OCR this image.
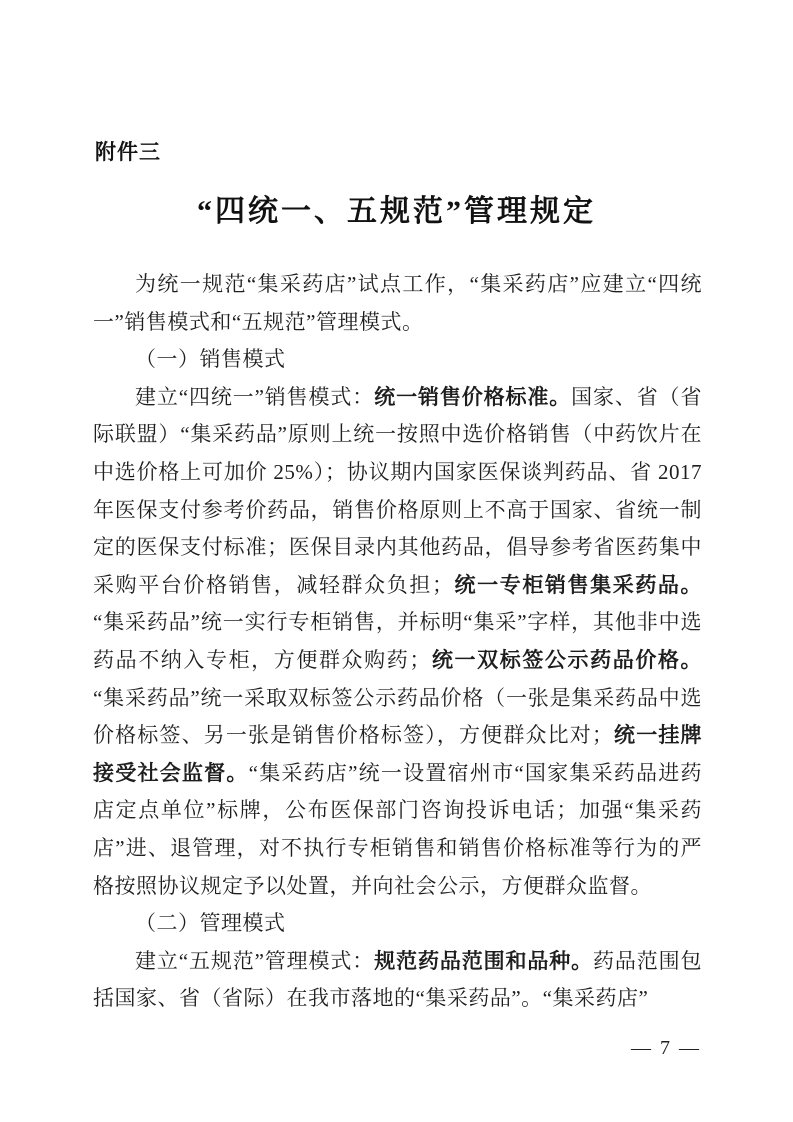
附件三
“四统一、五规范”管理规定

为统一规范“集采药店”试点工作，“集采药店”应建立“四统一”销售模式和“五规范”管理模式。

（一）销售模式

建立“四统一”销售模式：统一销售价格标准。国家、省（省际联盟）“集采药品”原则上统一按照中选价格销售（中药饮片在中选价格上可加价 25%）；协议期内国家医保谈判药品、省 2017 年医保支付参考价药品，销售价格原则上不高于国家、省统一制定的医保支付标准；医保目录内其他药品，倡导参考省医药集中采购平台价格销售，减轻群众负担；统一专柜销售集采药品。“集采药品”统一实行专柜销售，并标明“集采”字样，其他非中选药品不纳入专柜，方便群众购药；统一双标签公示药品价格。“集采药品”统一采取双标签公示药品价格（一张是集采药品中选价格标签、另一张是销售价格标签），方便群众比对；统一挂牌接受社会监督。“集采药店”统一设置宿州市“国家集采药品进药店定点单位”标牌，公布医保部门咨询投诉电话；加强“集采药店”进、退管理，对不执行专柜销售和销售价格标准等行为的严格按照协议规定予以处置，并向社会公示，方便群众监督。

（二）管理模式

建立“五规范”管理模式：规范药品范围和品种。药品范围包括国家、省（省际）在我市落地的“集采药品”。“集采药店”

— 7 —
